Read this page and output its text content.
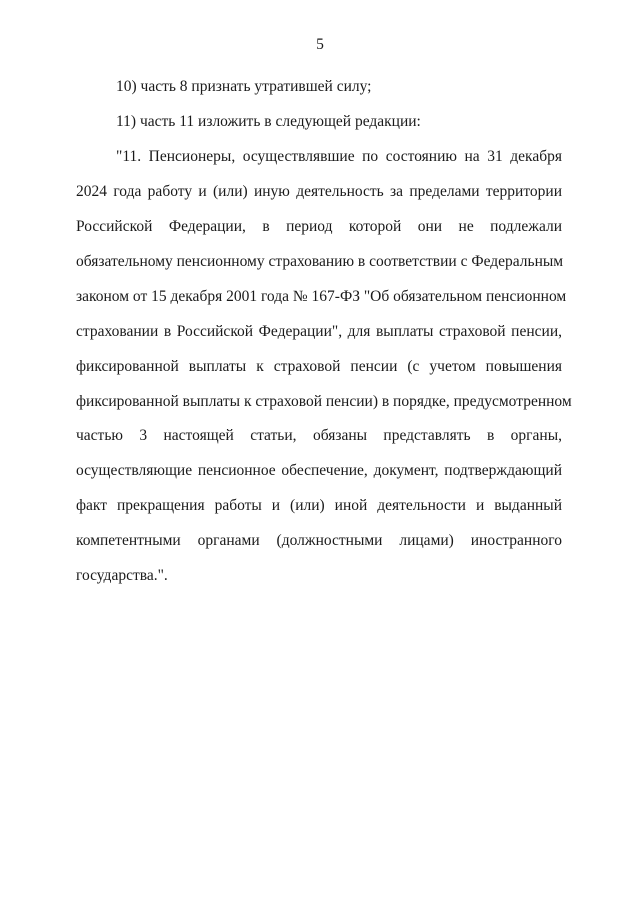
5
10) часть 8 признать утратившей силу;
11) часть 11 изложить в следующей редакции:
"11. Пенсионеры, осуществлявшие по состоянию на 31 декабря
2024 года работу и (или) иную деятельность за пределами территории
Российской Федерации, в период которой они не подлежали
обязательному пенсионному страхованию в соответствии с Федеральным
законом от 15 декабря 2001 года № 167-ФЗ "Об обязательном пенсионном
страховании в Российской Федерации", для выплаты страховой пенсии,
фиксированной выплаты к страховой пенсии (с учетом повышения
фиксированной выплаты к страховой пенсии) в порядке, предусмотренном
частью 3 настоящей статьи, обязаны представлять в органы,
осуществляющие пенсионное обеспечение, документ, подтверждающий
факт прекращения работы и (или) иной деятельности и выданный
компетентными органами (должностными лицами) иностранного
государства.".
